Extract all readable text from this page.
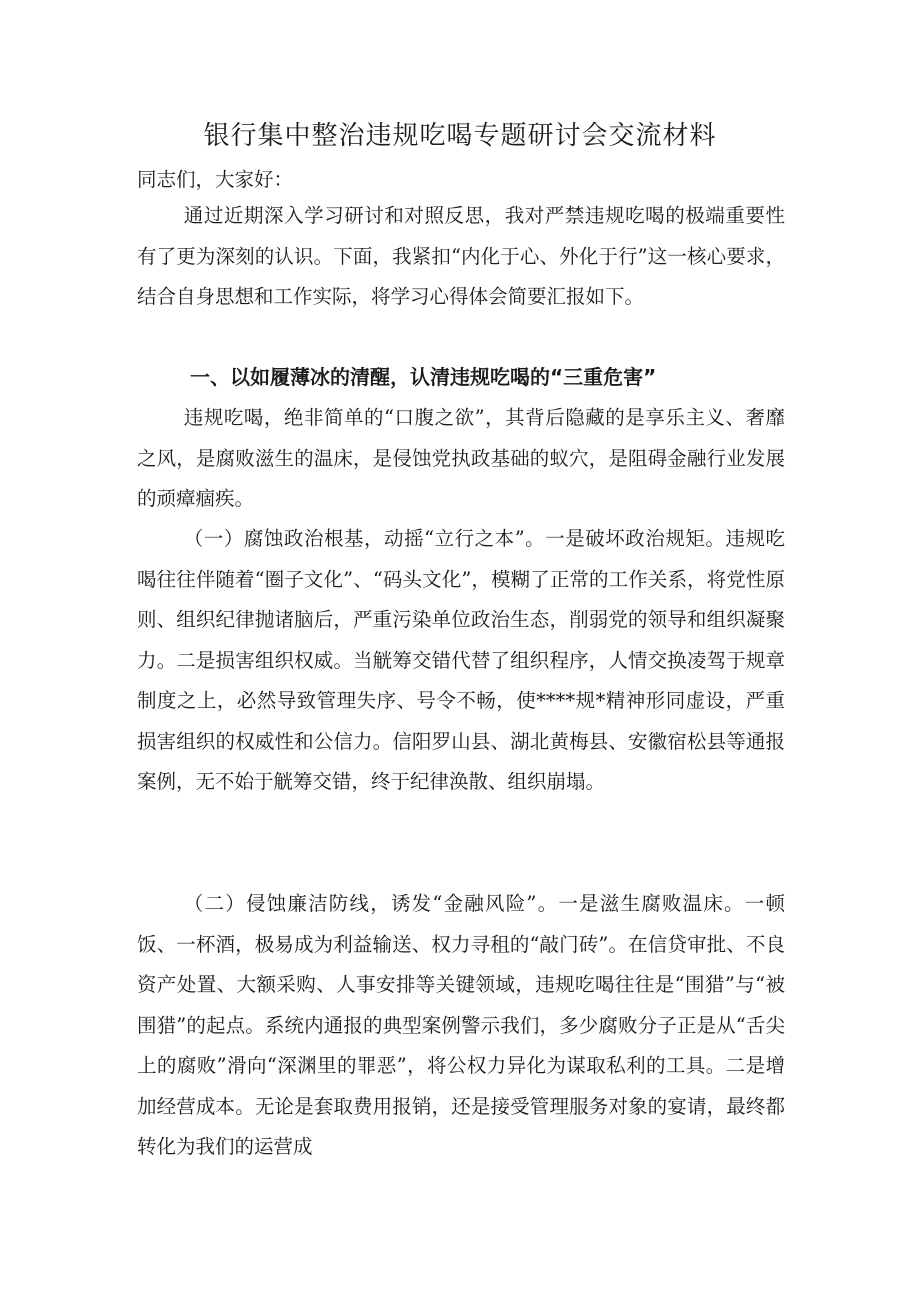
银行集中整治违规吃喝专题研讨会交流材料
同志们，大家好：
通过近期深入学习研讨和对照反思，我对严禁违规吃喝的极端重要性有了更为深刻的认识。下面，我紧扣“内化于心、外化于行”这一核心要求，结合自身思想和工作实际，将学习心得体会简要汇报如下。
一、以如履薄冰的清醒，认清违规吃喝的“三重危害”
违规吃喝，绝非简单的“口腹之欲”，其背后隐藏的是享乐主义、奢靡之风，是腐败滋生的温床，是侵蚀党执政基础的蚁穴，是阻碍金融行业发展的顽瘴痼疾。
（一）腐蚀政治根基，动摇“立行之本”。一是破坏政治规矩。违规吃喝往往伴随着“圈子文化”、“码头文化”，模糊了正常的工作关系，将党性原则、组织纪律抛诸脑后，严重污染单位政治生态，削弱党的领导和组织凝聚力。二是损害组织权威。当觥筹交错代替了组织程序，人情交换凌驾于规章制度之上，必然导致管理失序、号令不畅，使****规*精神形同虚设，严重损害组织的权威性和公信力。信阳罗山县、湖北黄梅县、安徽宿松县等通报案例，无不始于觥筹交错，终于纪律涣散、组织崩塌。
（二）侵蚀廉洁防线，诱发“金融风险”。一是滋生腐败温床。一顿饭、一杯酒，极易成为利益输送、权力寻租的“敲门砖”。在信贷审批、不良资产处置、大额采购、人事安排等关键领域，违规吃喝往往是“围猎”与“被围猎”的起点。系统内通报的典型案例警示我们，多少腐败分子正是从“舌尖上的腐败”滑向“深渊里的罪恶”，将公权力异化为谋取私利的工具。二是增加经营成本。无论是套取费用报销，还是接受管理服务对象的宴请，最终都转化为我们的运营成
